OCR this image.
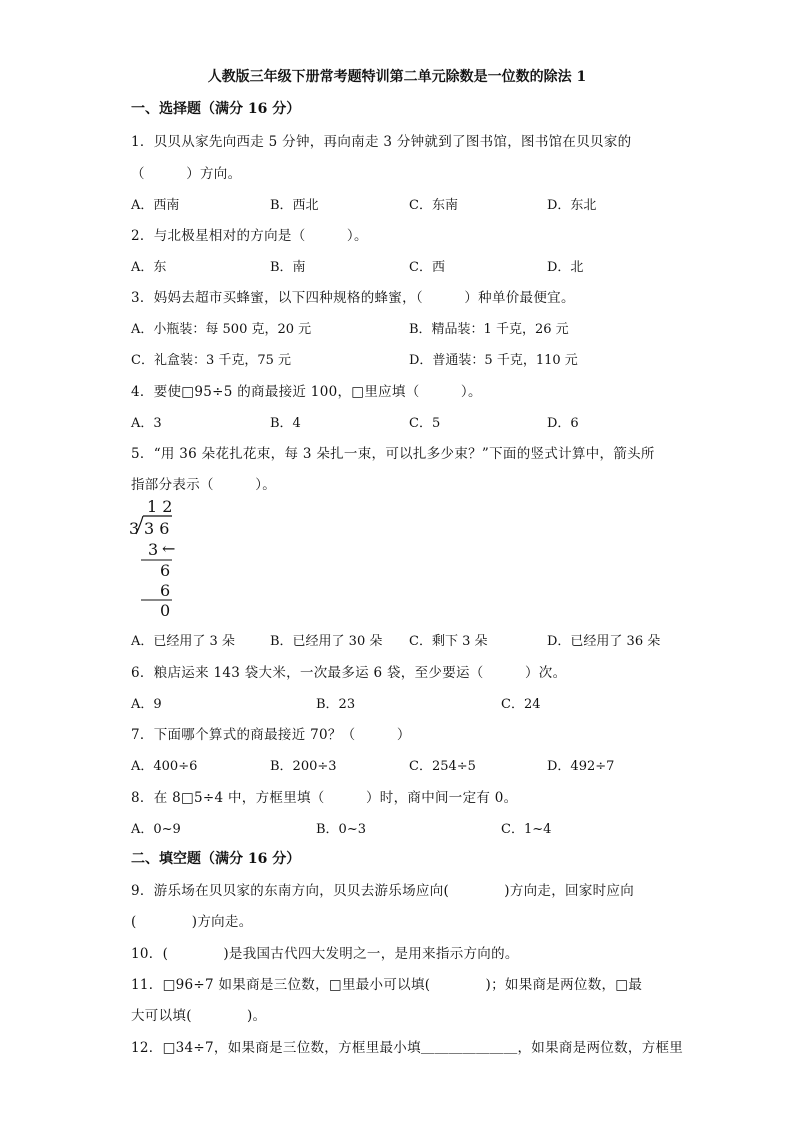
人教版三年级下册常考题特训第二单元除数是一位数的除法 1
一、选择题（满分 16 分）
1．贝贝从家先向西走 5 分钟，再向南走 3 分钟就到了图书馆，图书馆在贝贝家的
（　　　）方向。
A．西南	B．西北	C．东南	D．东北
2．与北极星相对的方向是（　　　）。
A．东	B．南	C．西	D．北
3．妈妈去超市买蜂蜜，以下四种规格的蜂蜜，（　　　）种单价最便宜。
A．小瓶装：每 500 克，20 元	B．精品装：1 千克，26 元
C．礼盒装：3 千克，75 元	D．普通装：5 千克，110 元
4．要使□95÷5 的商最接近 100，□里应填（　　　）。
A．3	B．4	C．5	D．6
5．“用 36 朵花扎花束，每 3 朵扎一束，可以扎多少束？”下面的竖式计算中，箭头所
指部分表示（　　　）。
1 2
3 3 6
3 ←
6
6
0
A．已经用了 3 朵	B．已经用了 30 朵 C．剩下 3 朵	D．已经用了 36 朵
6．粮店运来 143 袋大米，一次最多运 6 袋，至少要运（　　　）次。
A．9	B．23	C．24
7．下面哪个算式的商最接近 70？（　　　）
A．400÷6	B．200÷3	C．254÷5	D．492÷7
8．在 8□5÷4 中，方框里填（　　　）时，商中间一定有 0。
A．0~9	B．0~3	C．1~4
二、填空题（满分 16 分）
9．游乐场在贝贝家的东南方向，贝贝去游乐场应向(　　　　)方向走，回家时应向
(　　　　)方向走。
10．(　　　　)是我国古代四大发明之一，是用来指示方向的。
11．□96÷7 如果商是三位数，□里最小可以填(　　　　)；如果商是两位数，□最
大可以填(　　　　)。
12．□34÷7，如果商是三位数，方框里最小填＿＿＿＿＿＿＿，如果商是两位数，方框里
